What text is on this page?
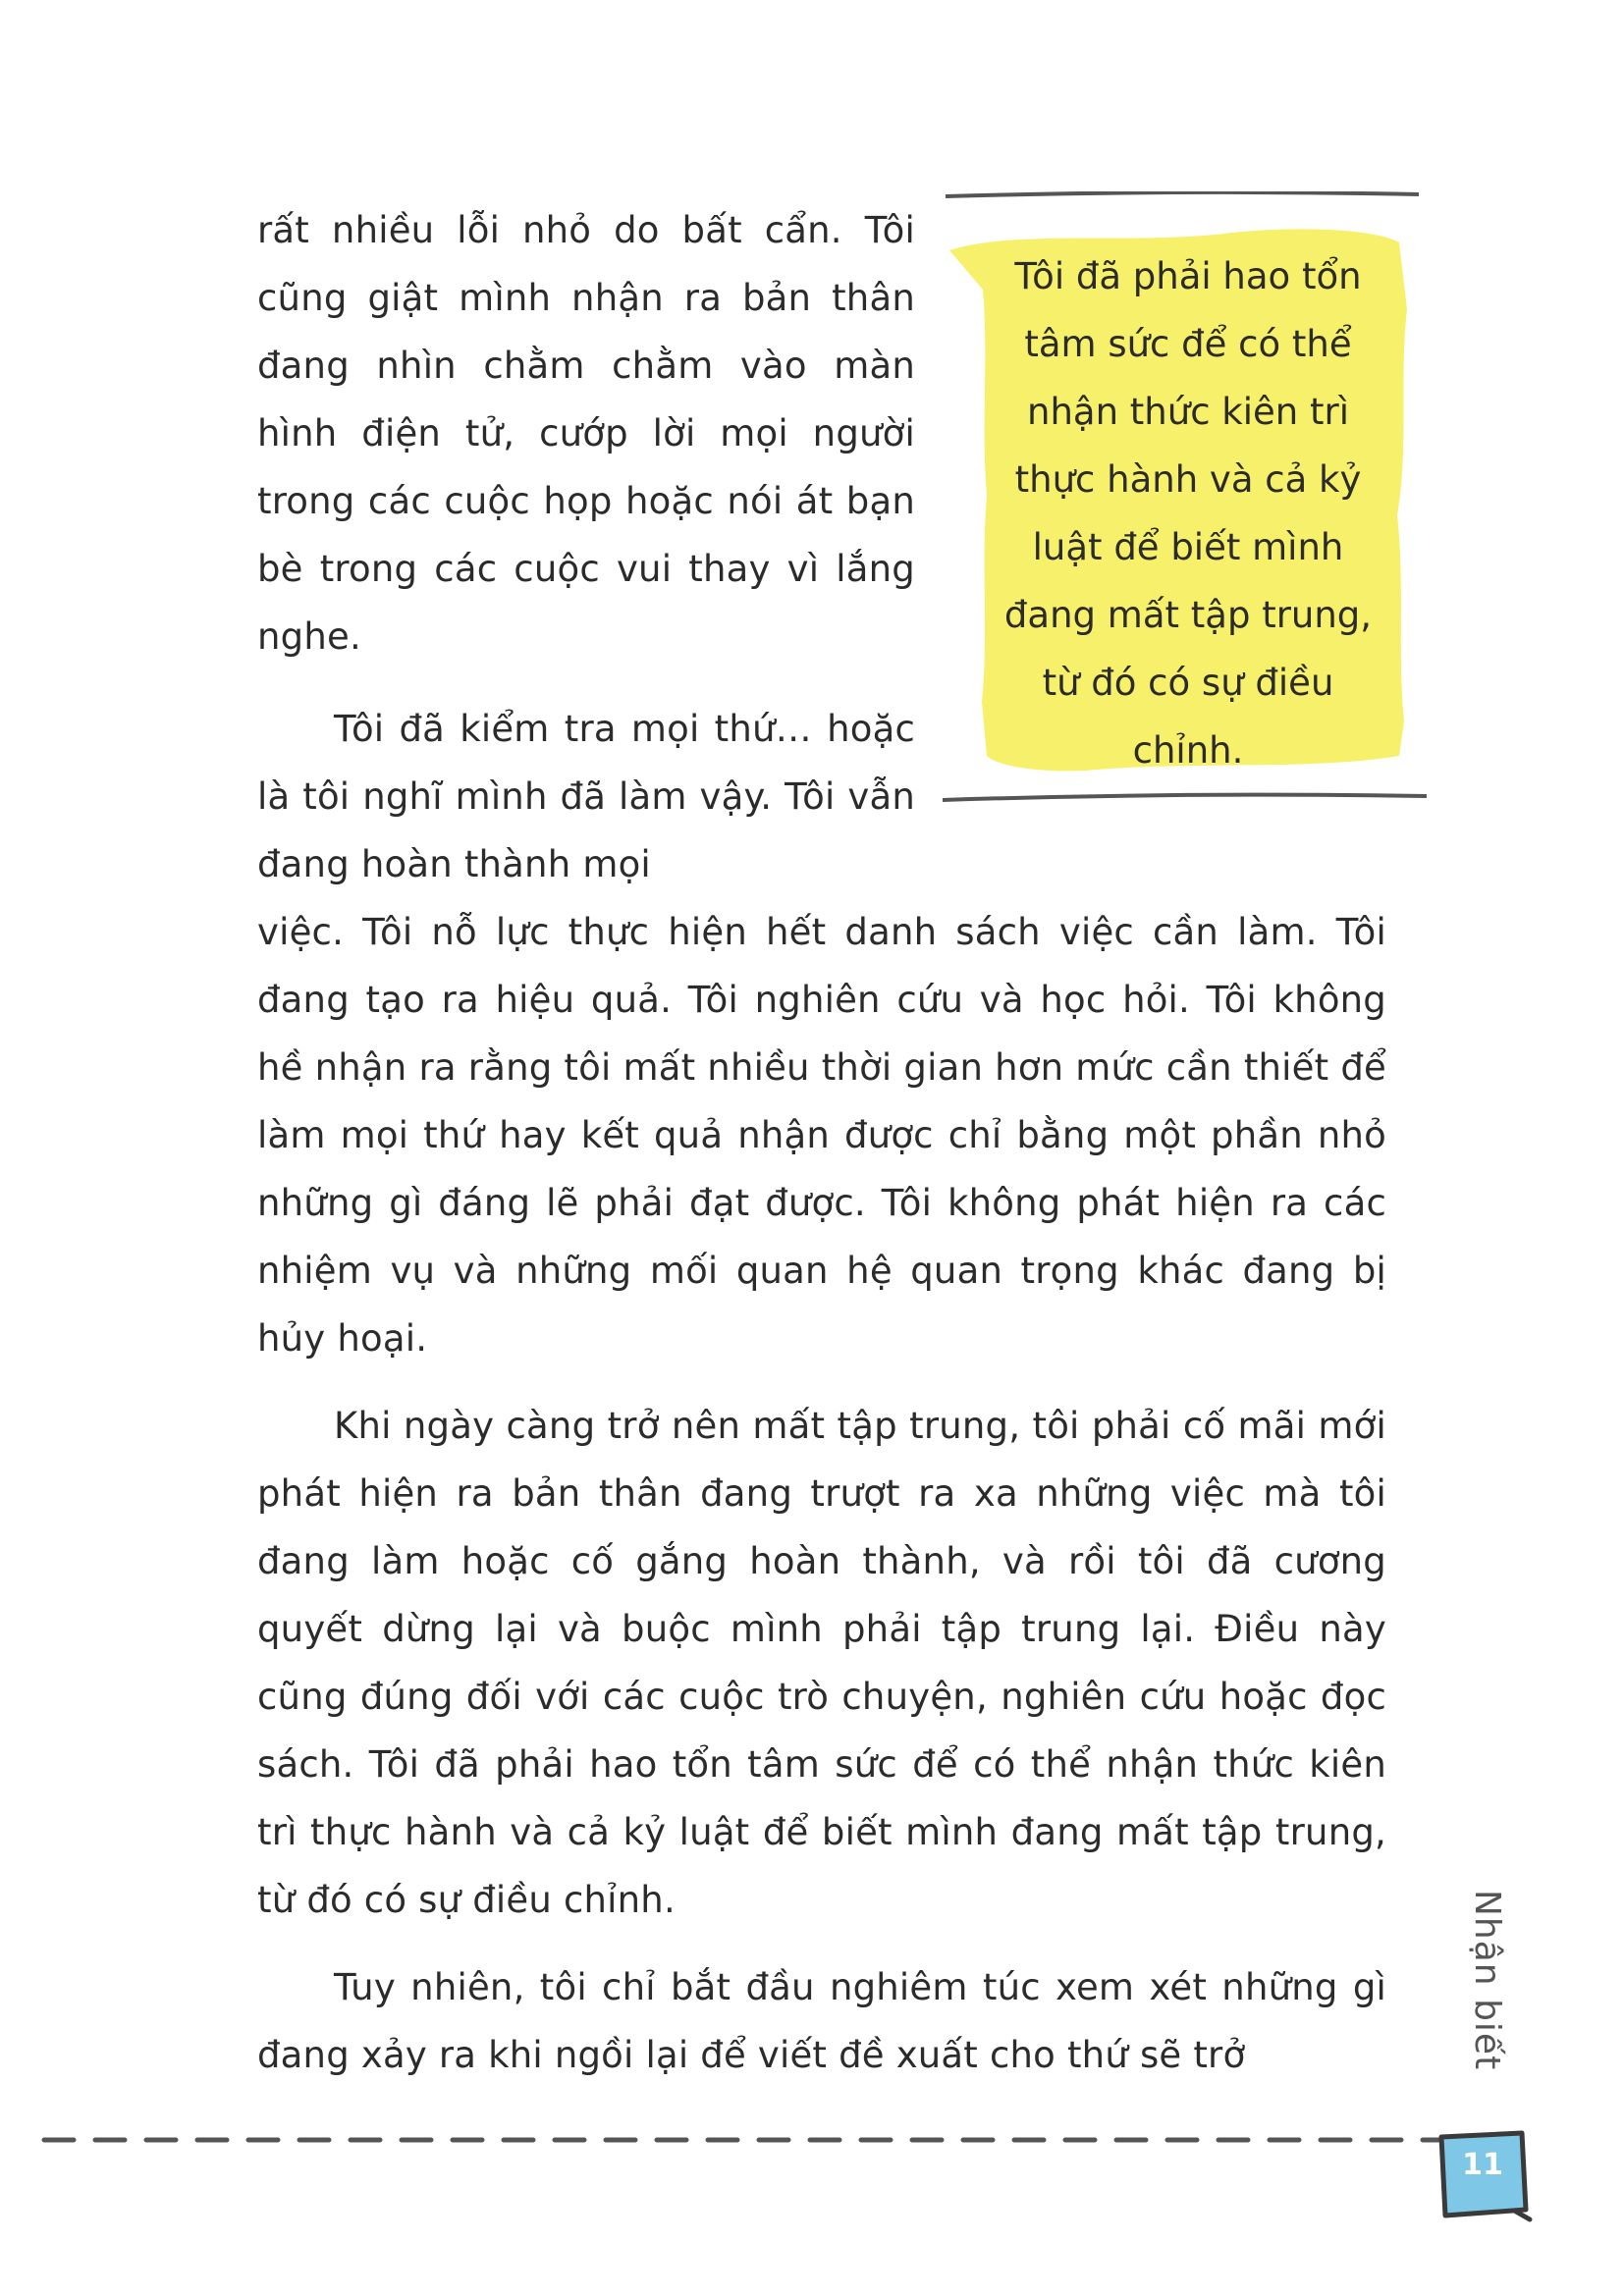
rất nhiều lỗi nhỏ do bất cẩn. Tôi cũng giật mình nhận ra bản thân đang nhìn chằm chằm vào màn hình điện tử, cướp lời mọi người trong các cuộc họp hoặc nói át bạn bè trong các cuộc vui thay vì lắng nghe.

Tôi đã kiểm tra mọi thứ… hoặc là tôi nghĩ mình đã làm vậy. Tôi vẫn đang hoàn thành mọi

việc. Tôi nỗ lực thực hiện hết danh sách việc cần làm. Tôi đang tạo ra hiệu quả. Tôi nghiên cứu và học hỏi. Tôi không hề nhận ra rằng tôi mất nhiều thời gian hơn mức cần thiết để làm mọi thứ hay kết quả nhận được chỉ bằng một phần nhỏ những gì đáng lẽ phải đạt được. Tôi không phát hiện ra các nhiệm vụ và những mối quan hệ quan trọng khác đang bị hủy hoại.

Khi ngày càng trở nên mất tập trung, tôi phải cố mãi mới phát hiện ra bản thân đang trượt ra xa những việc mà tôi đang làm hoặc cố gắng hoàn thành, và rồi tôi đã cương quyết dừng lại và buộc mình phải tập trung lại. Điều này cũng đúng đối với các cuộc trò chuyện, nghiên cứu hoặc đọc sách. Tôi đã phải hao tổn tâm sức để có thể nhận thức kiên trì thực hành và cả kỷ luật để biết mình đang mất tập trung, từ đó có sự điều chỉnh.

Tuy nhiên, tôi chỉ bắt đầu nghiêm túc xem xét những gì đang xảy ra khi ngồi lại để viết đề xuất cho thứ sẽ trở

Tôi đã phải hao tổn tâm sức để có thể nhận thức kiên trì thực hành và cả kỷ luật để biết mình đang mất tập trung, từ đó có sự điều chỉnh.

Nhận biết
11
